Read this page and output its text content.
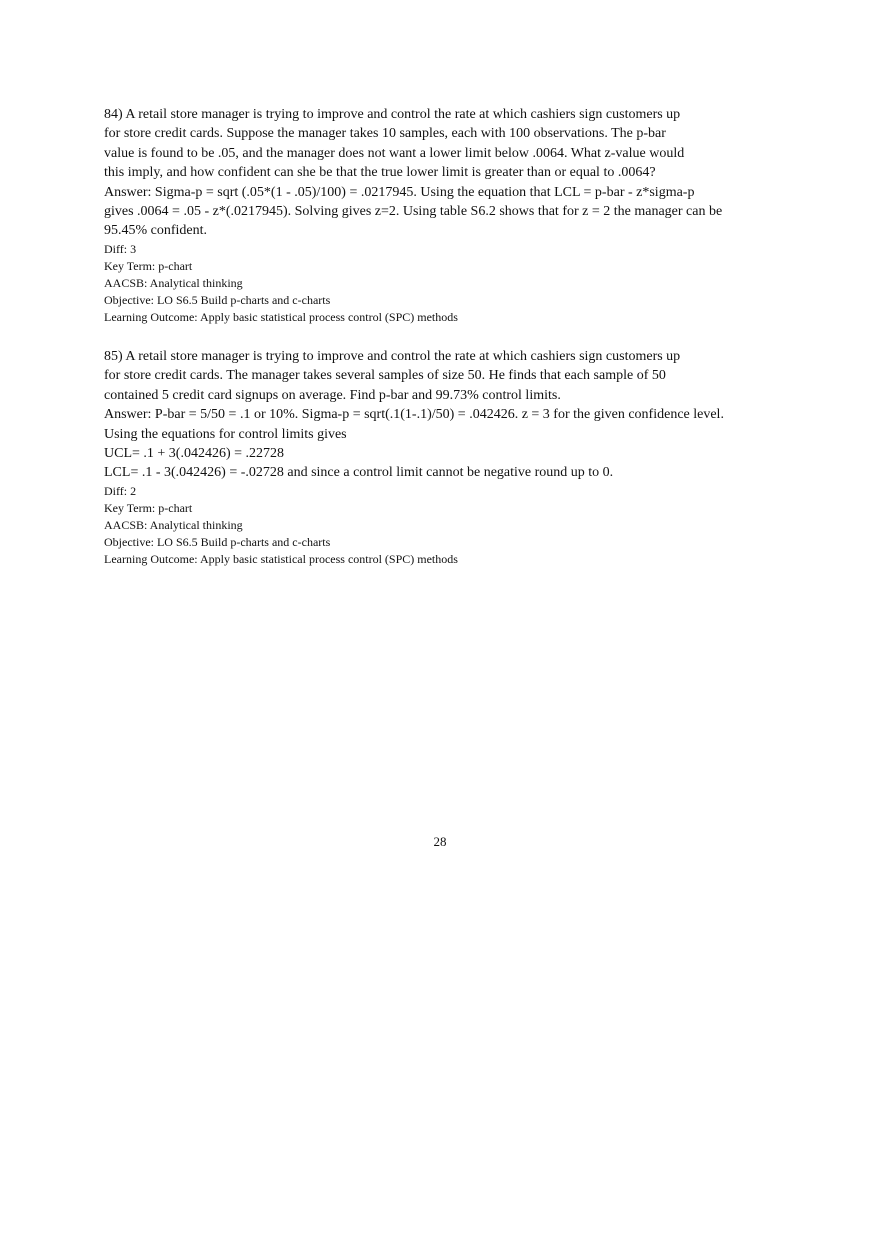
84) A retail store manager is trying to improve and control the rate at which cashiers sign customers up
for store credit cards. Suppose the manager takes 10 samples, each with 100 observations. The p-bar
value is found to be .05, and the manager does not want a lower limit below .0064. What z-value would
this imply, and how confident can she be that the true lower limit is greater than or equal to .0064?
Answer: Sigma-p = sqrt (.05*(1 - .05)/100) = .0217945. Using the equation that LCL = p-bar - z*sigma-p
gives .0064 = .05 - z*(.0217945). Solving gives z=2. Using table S6.2 shows that for z = 2 the manager can be
95.45% confident.
Diff: 3
Key Term: p-chart
AACSB: Analytical thinking
Objective: LO S6.5 Build p-charts and c-charts
Learning Outcome: Apply basic statistical process control (SPC) methods
85) A retail store manager is trying to improve and control the rate at which cashiers sign customers up
for store credit cards. The manager takes several samples of size 50. He finds that each sample of 50
contained 5 credit card signups on average. Find p-bar and 99.73% control limits.
Answer: P-bar = 5/50 = .1 or 10%. Sigma-p = sqrt(.1(1-.1)/50) = .042426. z = 3 for the given confidence level.
Using the equations for control limits gives
UCL= .1 + 3(.042426) = .22728
LCL= .1 - 3(.042426) = -.02728 and since a control limit cannot be negative round up to 0.
Diff: 2
Key Term: p-chart
AACSB: Analytical thinking
Objective: LO S6.5 Build p-charts and c-charts
Learning Outcome: Apply basic statistical process control (SPC) methods
28
